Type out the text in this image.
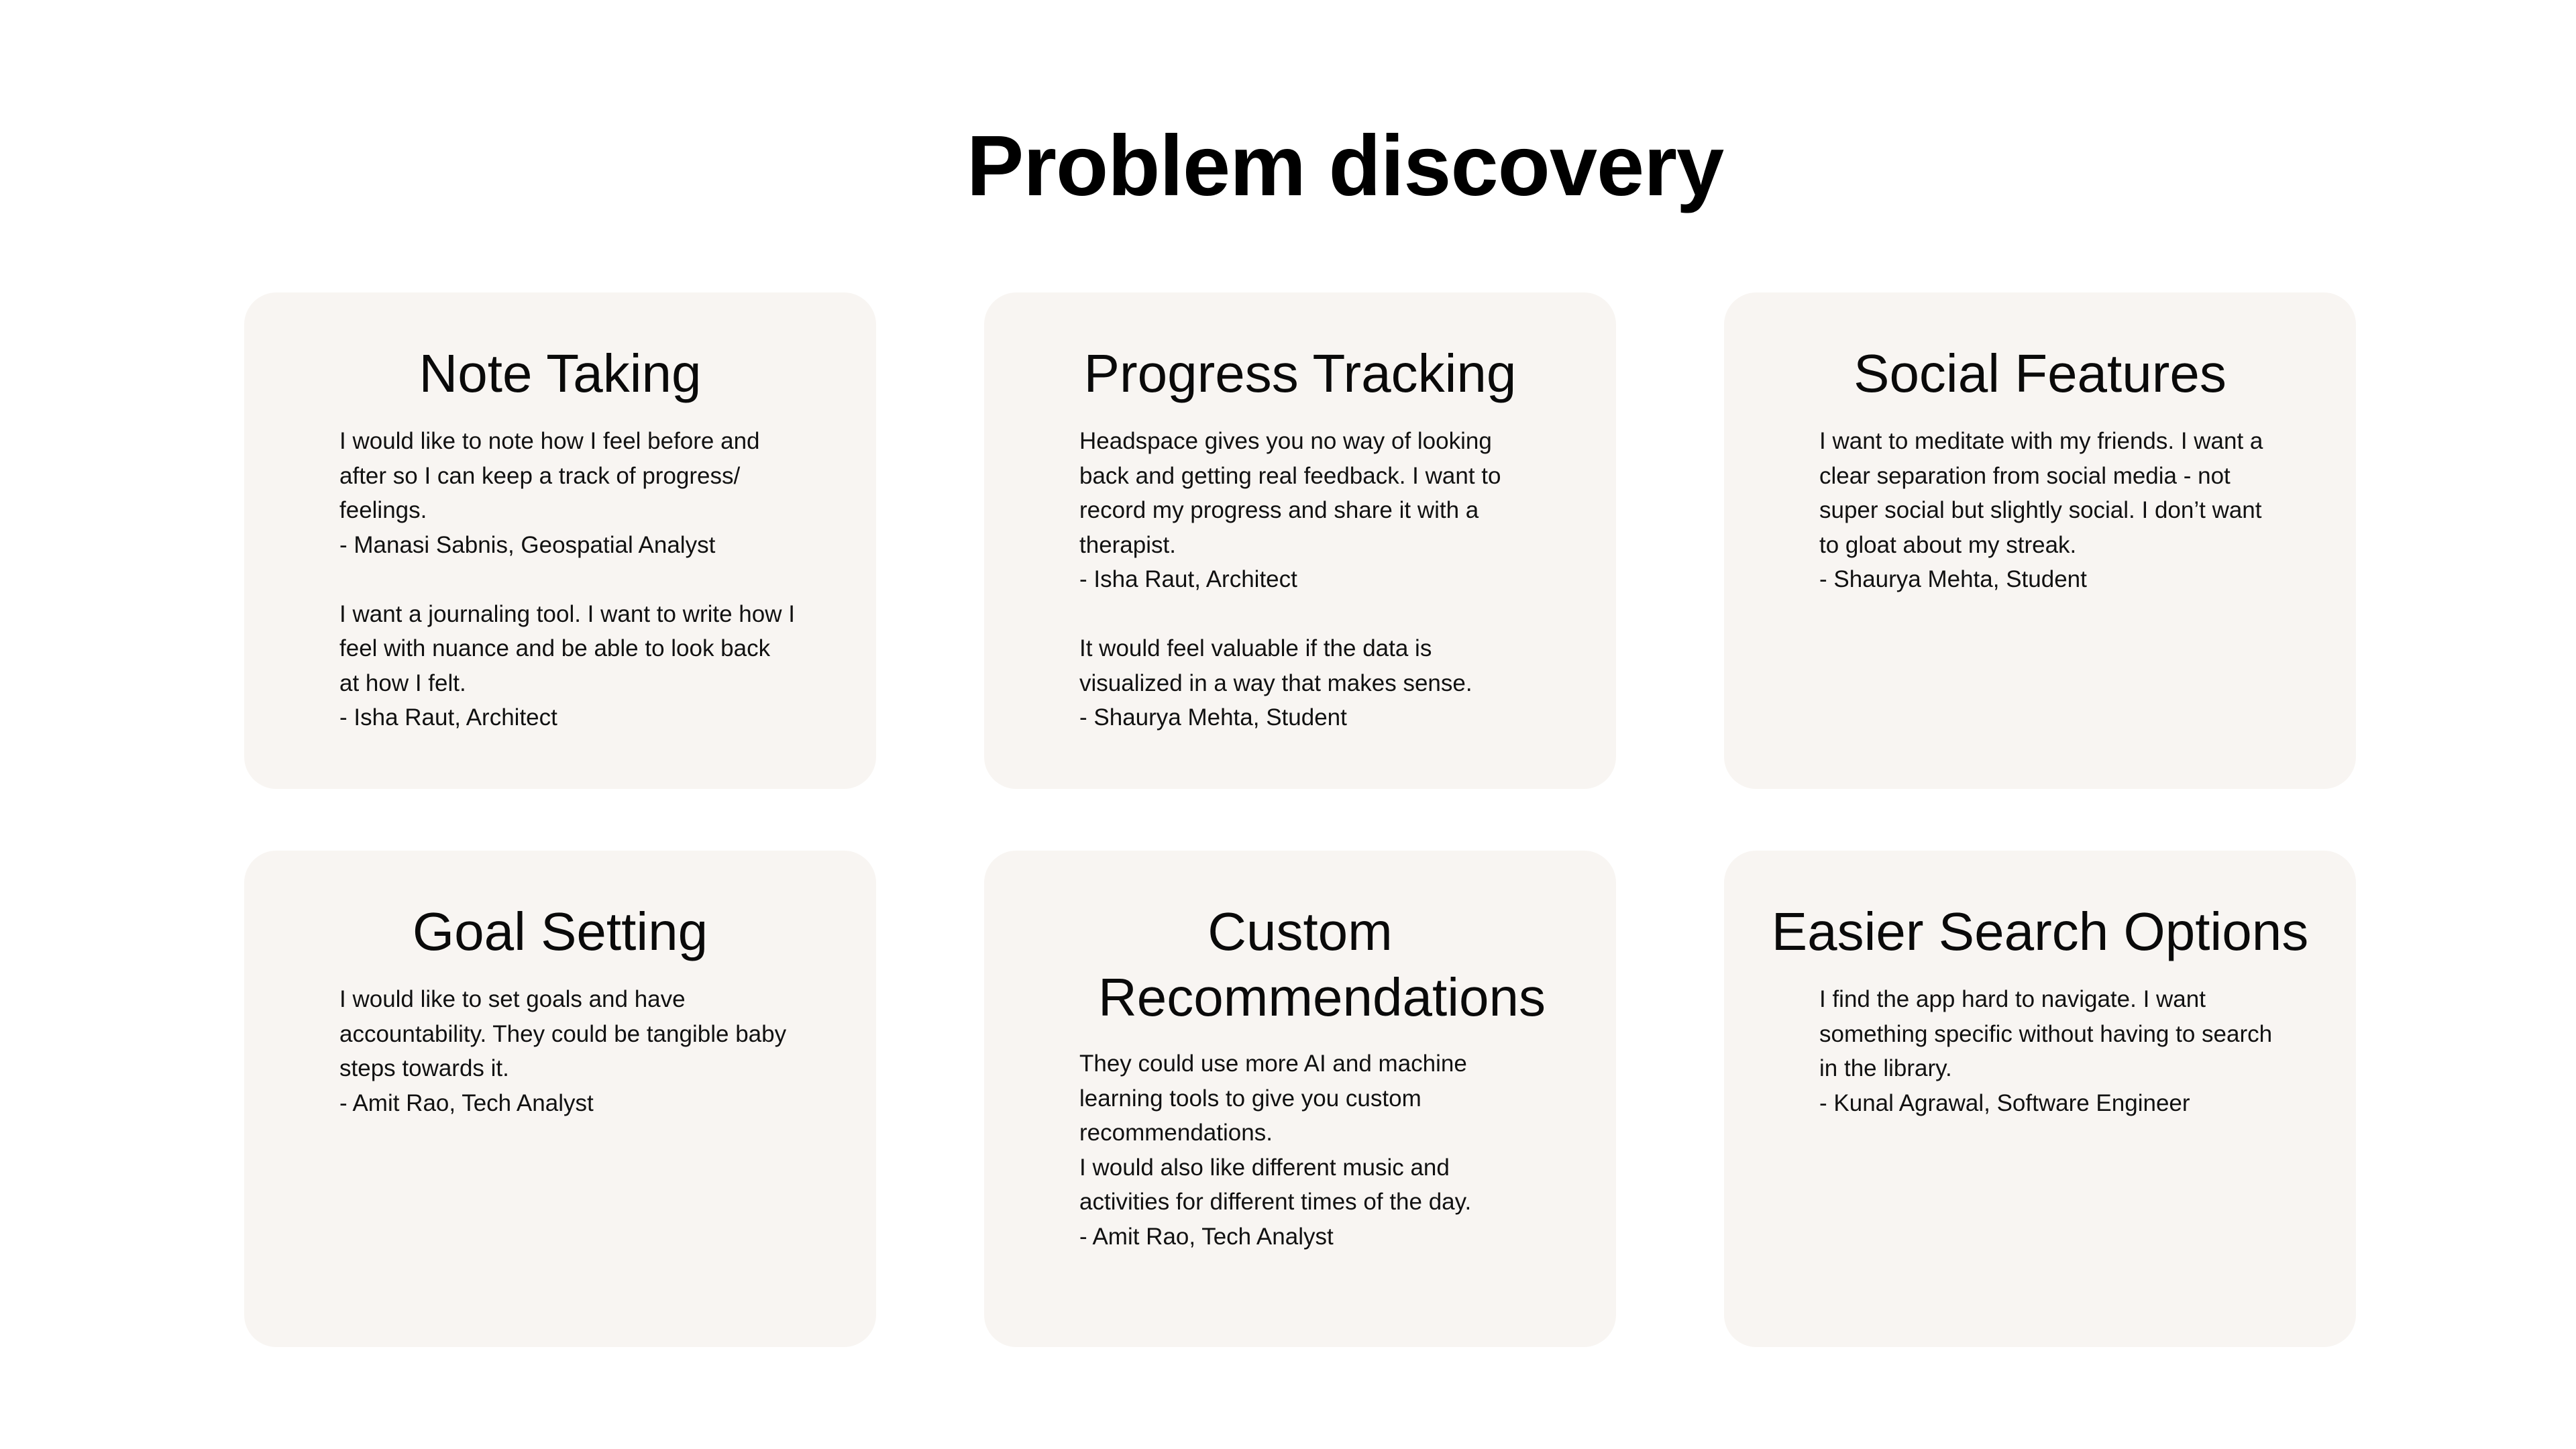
Problem discovery
Note Taking
I would like to note how I feel before and after so I can keep a track of progress/ feelings.
- Manasi Sabnis, Geospatial Analyst
I want a journaling tool. I want to write how I feel with nuance and be able to look back at how I felt.
- Isha Raut, Architect
Progress Tracking
Headspace gives you no way of looking back and getting real feedback. I want to record my progress and share it with a therapist.
- Isha Raut, Architect
It would feel valuable if the data is visualized in a way that makes sense.
- Shaurya Mehta, Student
Social Features
I want to meditate with my friends. I want a clear separation from social media - not super social but slightly social. I don’t want to gloat about my streak.
- Shaurya Mehta, Student
Goal Setting
I would like to set goals and have accountability. They could be tangible baby steps towards it.
- Amit Rao, Tech Analyst
Custom Recommendations
They could use more AI and machine learning tools to give you custom recommendations.
I would also like different music and activities for different times of the day.
- Amit Rao, Tech Analyst
Easier Search Options
I find the app hard to navigate. I want something specific without having to search in the library.
- Kunal Agrawal, Software Engineer
